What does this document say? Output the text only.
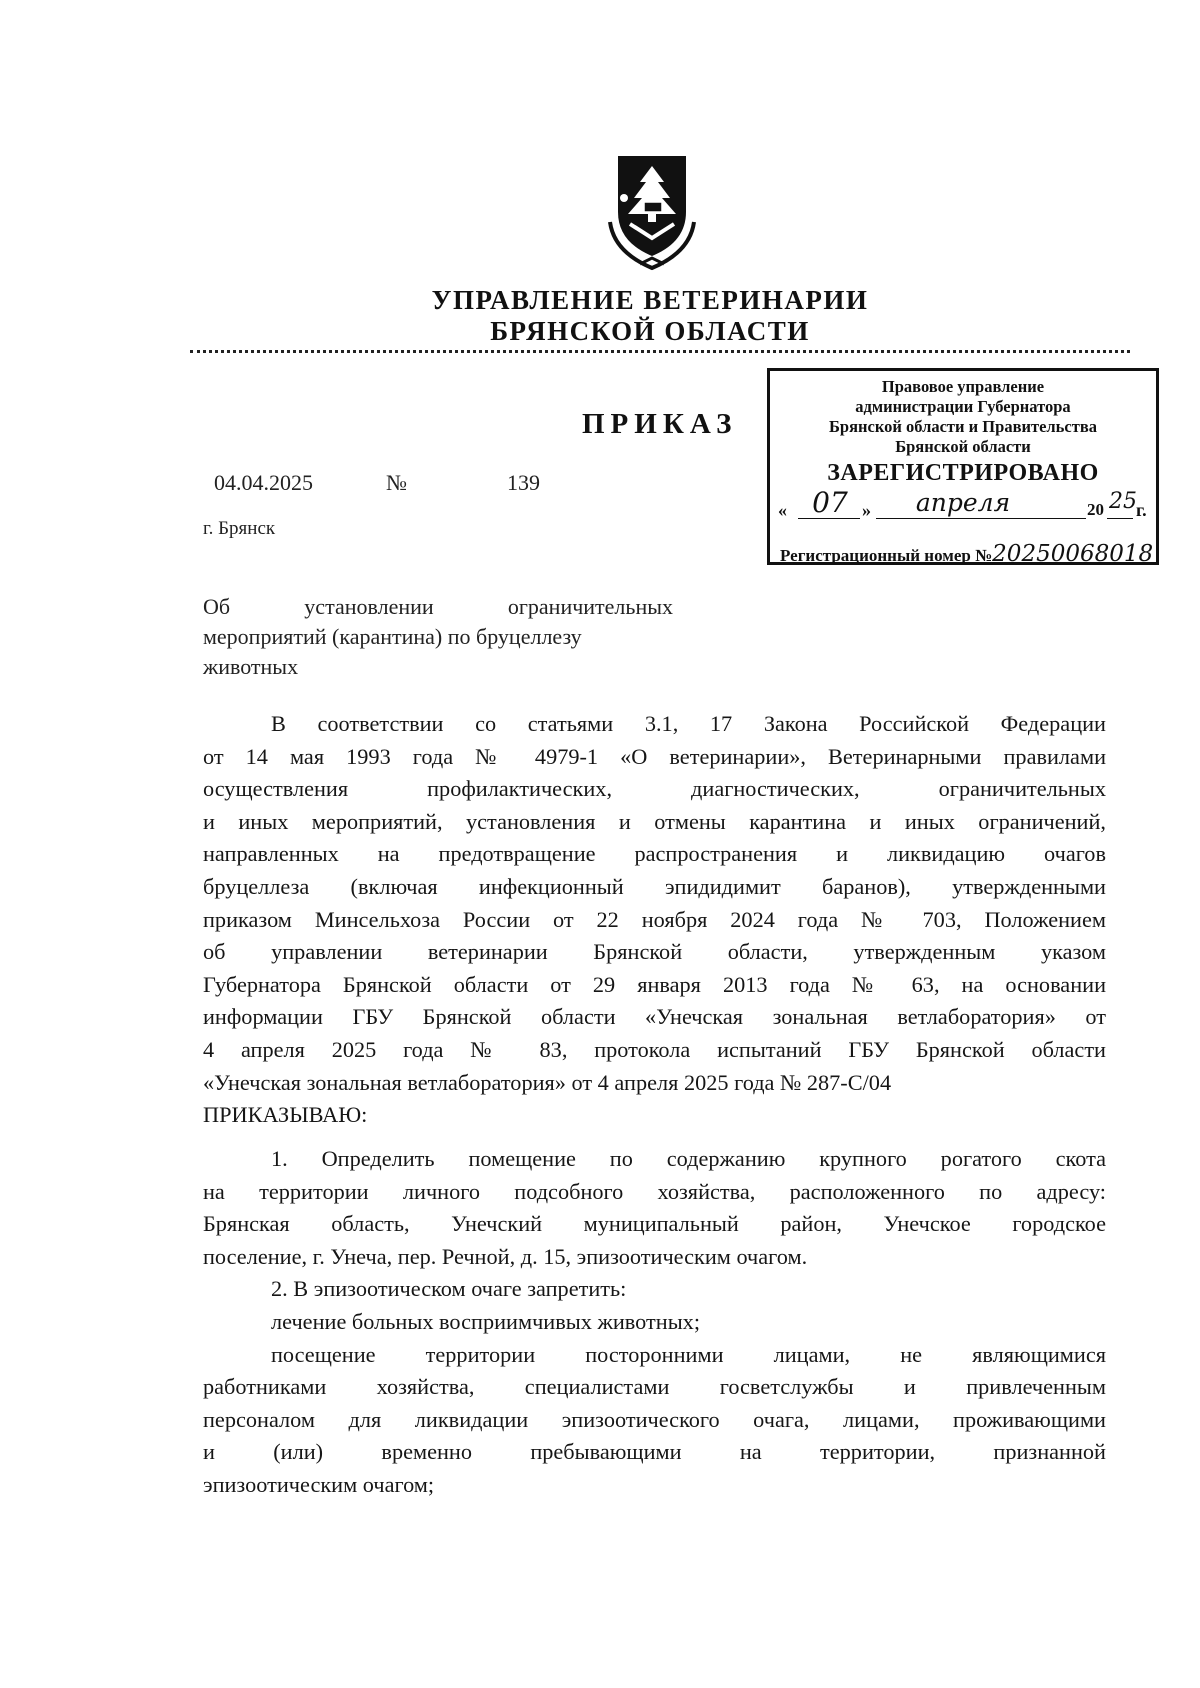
УПРАВЛЕНИЕ ВЕТЕРИНАРИИ
БРЯНСКОЙ ОБЛАСТИ
ПРИКАЗ
04.04.2025	№	139
г. Брянск
Правовое управление
администрации Губернатора
Брянской области и Правительства
Брянской области
ЗАРЕГИСТРИРОВАНО
« 07 »	апреля	20 25 г.
Регистрационный номер №20250068018
Об установлении ограничительных
мероприятий (карантина) по бруцеллезу
животных
В соответствии со статьями 3.1, 17 Закона Российской Федерации
от 14 мая 1993 года № 4979-1 «О ветеринарии», Ветеринарными правилами
осуществления профилактических, диагностических, ограничительных
и иных мероприятий, установления и отмены карантина и иных ограничений,
направленных на предотвращение распространения и ликвидацию очагов
бруцеллеза (включая инфекционный эпидидимит баранов), утвержденными
приказом Минсельхоза России от 22 ноября 2024 года № 703, Положением
об управлении ветеринарии Брянской области, утвержденным указом
Губернатора Брянской области от 29 января 2013 года № 63, на основании
информации ГБУ Брянской области «Унечская зональная ветлаборатория» от
4 апреля 2025 года № 83, протокола испытаний ГБУ Брянской области
«Унечская зональная ветлаборатория» от 4 апреля 2025 года № 287-С/04
ПРИКАЗЫВАЮ:
1. Определить помещение по содержанию крупного рогатого скота
на территории личного подсобного хозяйства, расположенного по адресу:
Брянская область, Унечский муниципальный район, Унечское городское
поселение, г. Унеча, пер. Речной, д. 15, эпизоотическим очагом.
2. В эпизоотическом очаге запретить:
лечение больных восприимчивых животных;
посещение территории посторонними лицами, не являющимися
работниками хозяйства, специалистами госветслужбы и привлеченным
персоналом для ликвидации эпизоотического очага, лицами, проживающими
и (или) временно пребывающими на территории, признанной
эпизоотическим очагом;
